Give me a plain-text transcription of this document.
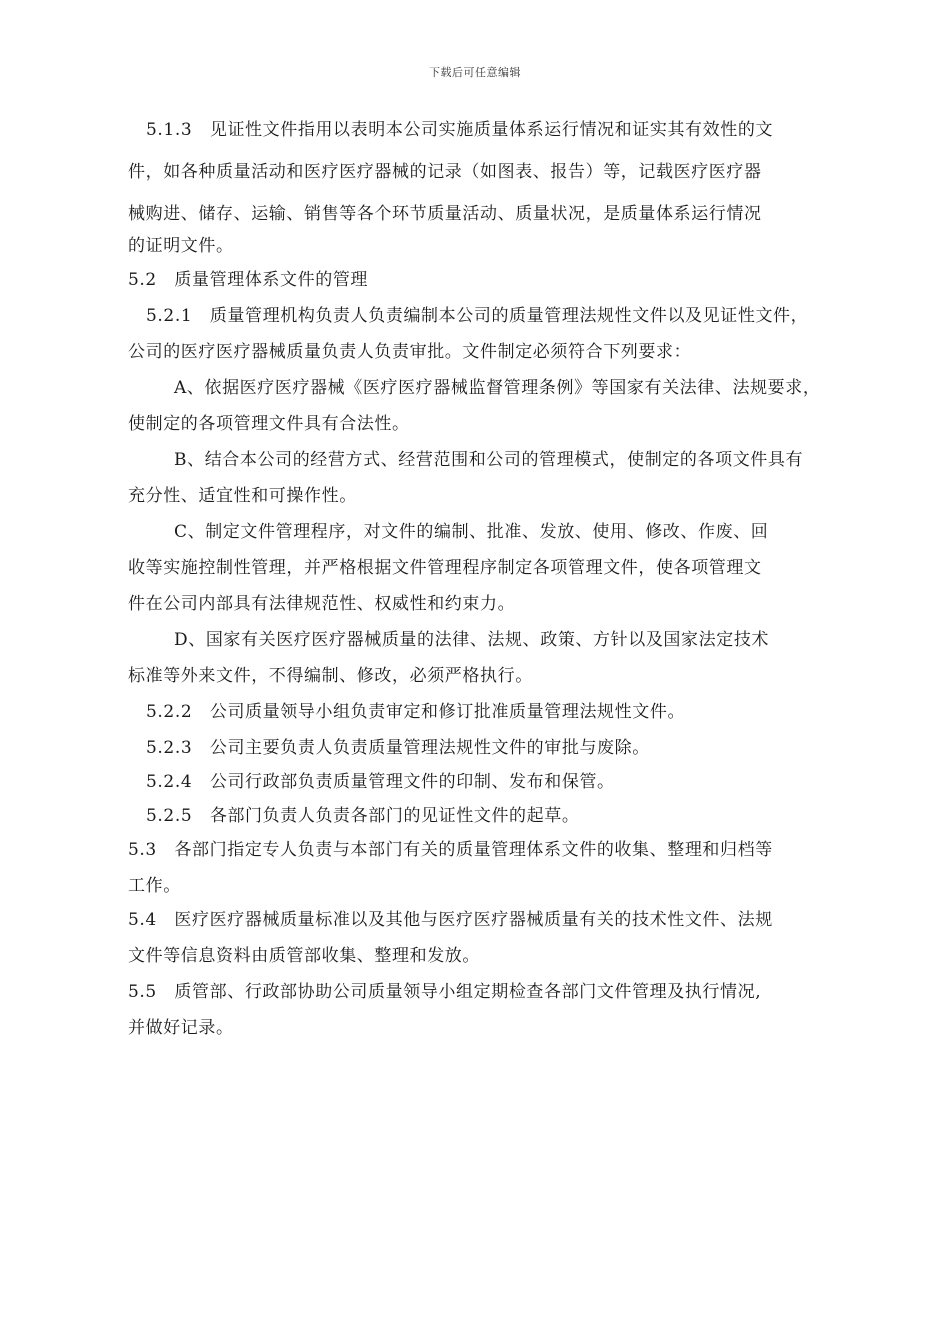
下载后可任意编辑
5.1.3　见证性文件指用以表明本公司实施质量体系运行情况和证实其有效性的文
件，如各种质量活动和医疗医疗器械的记录（如图表、报告）等，记载医疗医疗器
械购进、储存、运输、销售等各个环节质量活动、质量状况，是质量体系运行情况
的证明文件。
5.2　质量管理体系文件的管理
5.2.1　质量管理机构负责人负责编制本公司的质量管理法规性文件以及见证性文件，
公司的医疗医疗器械质量负责人负责审批。文件制定必须符合下列要求：
A、依据医疗医疗器械《医疗医疗器械监督管理条例》等国家有关法律、法规要求，
使制定的各项管理文件具有合法性。
B、结合本公司的经营方式、经营范围和公司的管理模式，使制定的各项文件具有
充分性、适宜性和可操作性。
C、制定文件管理程序，对文件的编制、批准、发放、使用、修改、作废、回
收等实施控制性管理，并严格根据文件管理程序制定各项管理文件，使各项管理文
件在公司内部具有法律规范性、权威性和约束力。
D、国家有关医疗医疗器械质量的法律、法规、政策、方针以及国家法定技术
标准等外来文件，不得编制、修改，必须严格执行。
5.2.2　公司质量领导小组负责审定和修订批准质量管理法规性文件。
5.2.3　公司主要负责人负责质量管理法规性文件的审批与废除。
5.2.4　公司行政部负责质量管理文件的印制、发布和保管。
5.2.5　各部门负责人负责各部门的见证性文件的起草。
5.3　各部门指定专人负责与本部门有关的质量管理体系文件的收集、整理和归档等
工作。
5.4　医疗医疗器械质量标准以及其他与医疗医疗器械质量有关的技术性文件、法规
文件等信息资料由质管部收集、整理和发放。
5.5　质管部、行政部协助公司质量领导小组定期检查各部门文件管理及执行情况,
并做好记录。
